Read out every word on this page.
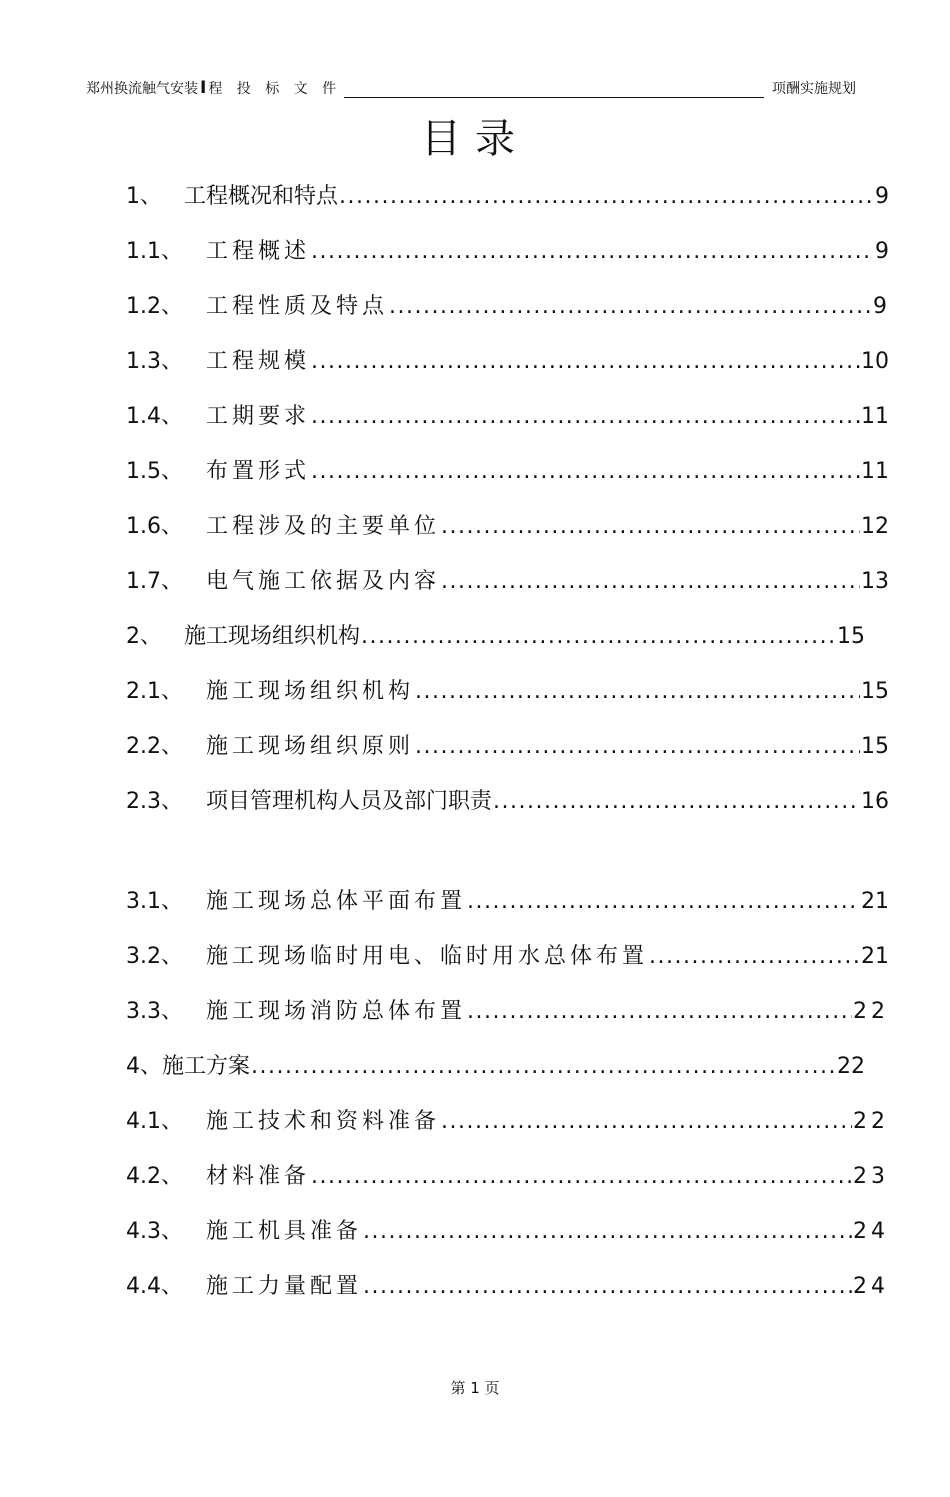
郑州换流触气安装 I 程 投 标 文 件	项酬实施规划
目录
1、	工程概况和特点 .....	9
1.1、	工程概述 .....	9
1.2、	工程性质及特点 .....	9
1.3、	工程规模 .....	10
1.4、	工期要求 .....	11
1.5、	布置形式 .....	11
1.6、	工程涉及的主要单位 .....	12
1.7、	电气施工依据及内容 .....	13
2、	施工现场组织机构 .....	15
2.1、	施工现场组织机构 .....	15
2.2、	施工现场组织原则 .....	15
2.3、	项目管理机构人员及部门职责 .....	16
3.1、	施工现场总体平面布置 .....	21
3.2、	施工现场临时用电、临时用水总体布置 .....	21
3.3、	施工现场消防总体布置 .....	22
4、 施工方案 .....	22
4.1、	施工技术和资料准备 .....	22
4.2、	材料准备 .....	23
4.3、	施工机具准备 .....	24
4.4、	施工力量配置 .....	24
第 1 页
